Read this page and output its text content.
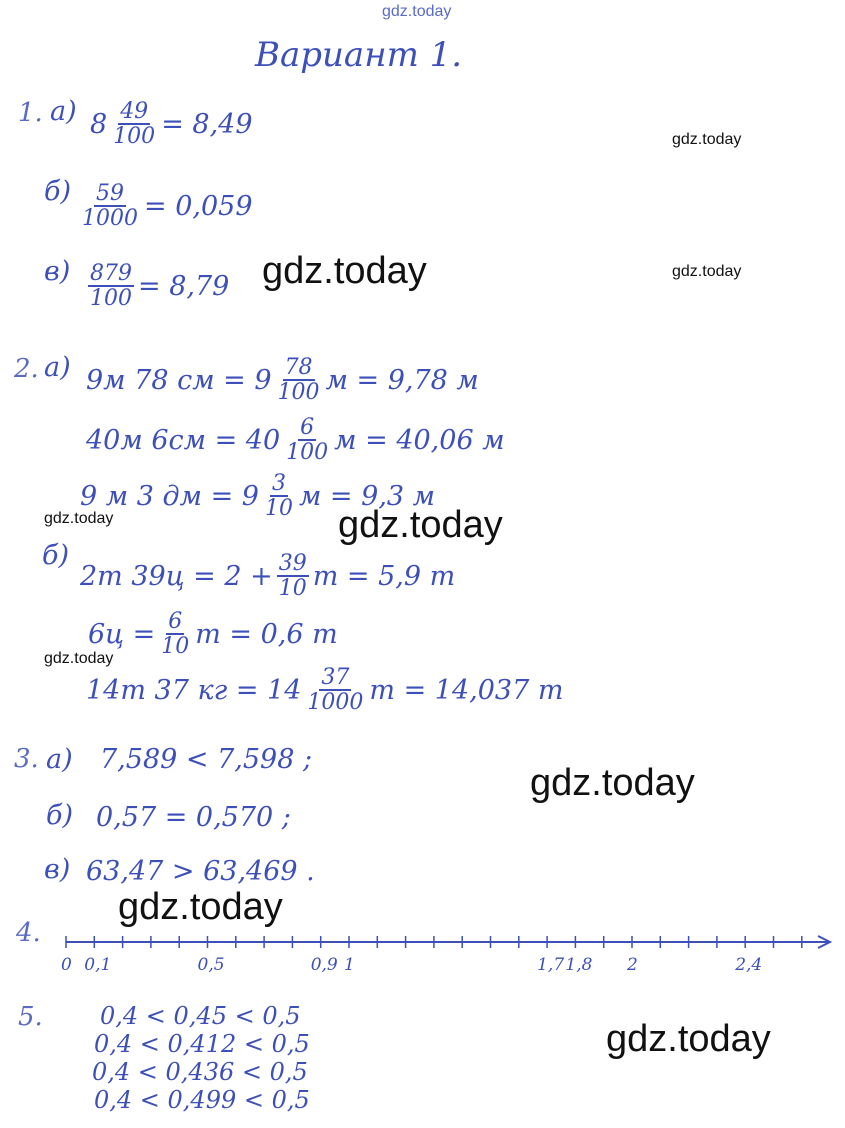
gdz.today
gdz.today
gdz.today
gdz.today
gdz.today	gdz.today
gdz.today
gdz.today
gdz.today
gdz.today
Вариант 1.
1. а) $8 \frac{49}{100} = 8,49$
$б) \frac{59}{1000} = 0,059$
$в) \frac{879}{100} = 8,79$
2. а) 9м 78 см = $9 \frac{78}{100}$ м = 9,78 м
40м $6см = 40 \frac{6}{100}$ м = 40,06 м
9 м 3 дм = $9 \frac{3}{10}$ м = 9,3 м
б)
2т $39ц = 2 + \frac{39}{10}$ т = 5,9 т
$6ц = \frac{6}{10}$ т = 0,6 т
14т 37 кг = $14 \frac{37}{1000}$ т = 14,037 т
3. а) 7,589 < 7,598 ;
б) 0,57 = 0,570 ;
в) 63,47 > 63,469 .
4.
0 0,1	0,5	0,9 1	1,7 1,8 2	2,4
5. 0,4 < 0,45 < 0,5
0,4 < 0,412 < 0,5
0,4 < 0,436 < 0,5
0,4 < 0,499 < 0,5
